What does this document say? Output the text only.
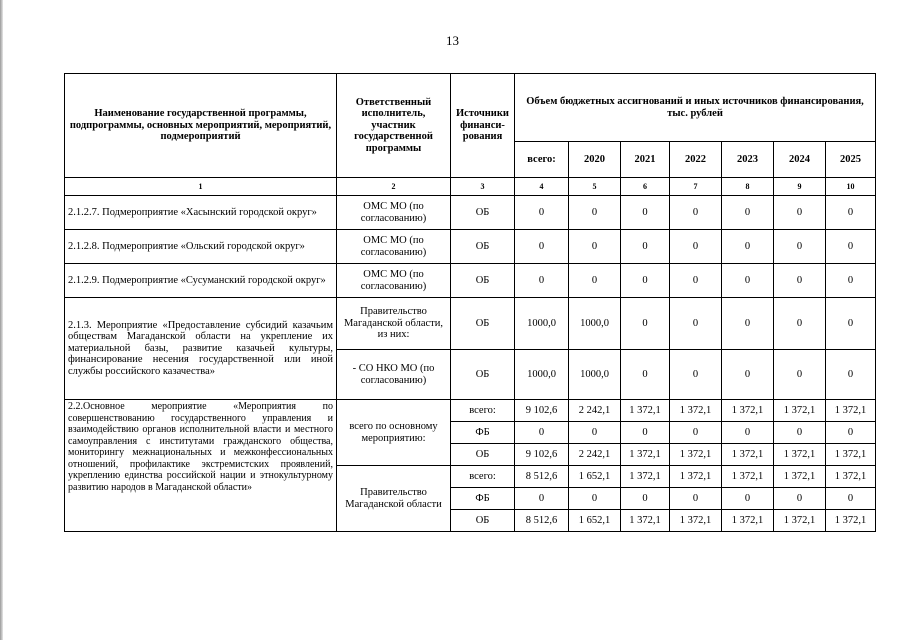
13
Наименование государственной программы, подпрограммы, основных мероприятий, мероприятий, подмероприятий	Ответственный исполнитель, участник государственной программы	Источники финанси-рования	Объем бюджетных ассигнований и иных источников финансирования, тыс. рублей						
			всего:	2020	2021	2022	2023	2024	2025
1	2	3	4	5	6	7	8	9	10
2.1.2.7. Подмероприятие «Хасынский городской округ»	ОМС МО (по согласованию)	ОБ	0	0	0	0	0	0	0
2.1.2.8. Подмероприятие «Ольский городской округ»	ОМС МО (по согласованию)	ОБ	0	0	0	0	0	0	0
2.1.2.9. Подмероприятие «Сусуманский городской округ»	ОМС МО (по согласованию)	ОБ	0	0	0	0	0	0	0
2.1.3. Мероприятие «Предоставление субсидий казачьим обществам Магаданской области на укрепление их материальной базы, развитие казачьей культуры, финансирование несения государственной или иной службы российского казачества»	Правительство Магаданской области, из них:	ОБ	1000,0	1000,0	0	0	0	0	0
	- СО НКО МО (по согласованию)	ОБ	1000,0	1000,0	0	0	0	0	0
2.2.Основное мероприятие «Мероприятия по совершенствованию государственного управления и взаимодействию органов исполнительной власти и местного самоуправления с институтами гражданского общества, мониторингу межнациональных и межконфессиональных отношений, профилактике экстремистских проявлений, укреплению единства российской нации и этнокультурному развитию народов в Магаданской области»	всего по основному мероприятию:	всего:	9 102,6	2 242,1	1 372,1	1 372,1	1 372,1	1 372,1	1 372,1
		ФБ	0	0	0	0	0	0	0
		ОБ	9 102,6	2 242,1	1 372,1	1 372,1	1 372,1	1 372,1	1 372,1
	Правительство Магаданской области	всего:	8 512,6	1 652,1	1 372,1	1 372,1	1 372,1	1 372,1	1 372,1
		ФБ	0	0	0	0	0	0	0
		ОБ	8 512,6	1 652,1	1 372,1	1 372,1	1 372,1	1 372,1	1 372,1
